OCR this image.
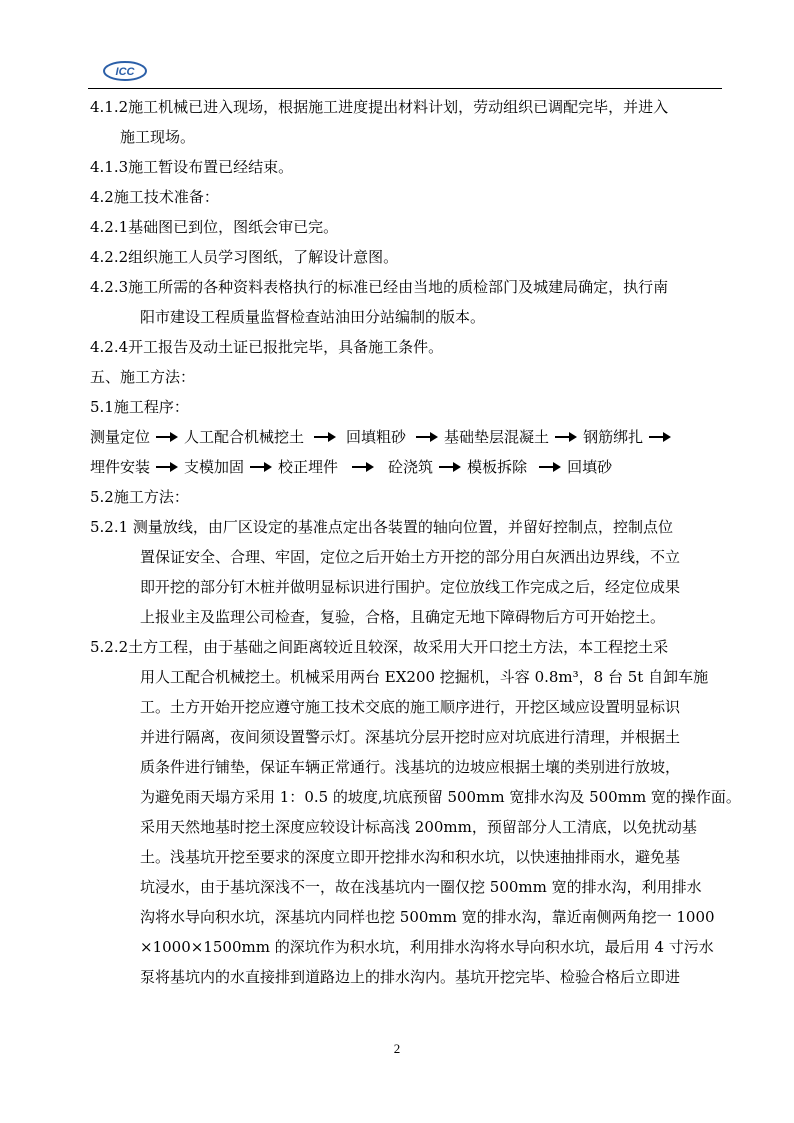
ICC
4.1.2施工机械已进入现场，根据施工进度提出材料计划，劳动组织已调配完毕，并进入
施工现场。
4.1.3施工暂设布置已经结束。
4.2施工技术准备：
4.2.1基础图已到位，图纸会审已完。
4.2.2组织施工人员学习图纸，了解设计意图。
4.2.3施工所需的各种资料表格执行的标准已经由当地的质检部门及城建局确定，执行南
阳市建设工程质量监督检查站油田分站编制的版本。
4.2.4开工报告及动土证已报批完毕，具备施工条件。
五、施工方法：
5.1施工程序：
测量定位 人工配合机械挖土	回填粗砂	基础垫层混凝土 钢筋绑扎
埋件安装 支模加固 校正埋件	砼浇筑 模板拆除	回填砂
5.2施工方法：
5.2.1 测量放线，由厂区设定的基准点定出各装置的轴向位置，并留好控制点，控制点位
置保证安全、合理、牢固，定位之后开始土方开挖的部分用白灰洒出边界线，不立
即开挖的部分钉木桩并做明显标识进行围护。定位放线工作完成之后，经定位成果
上报业主及监理公司检查，复验，合格，且确定无地下障碍物后方可开始挖土。
5.2.2土方工程，由于基础之间距离较近且较深，故采用大开口挖土方法，本工程挖土采
用人工配合机械挖土。机械采用两台 EX200 挖掘机，斗容 0.8m³，8 台 5t 自卸车施
工。土方开始开挖应遵守施工技术交底的施工顺序进行，开挖区域应设置明显标识
并进行隔离，夜间须设置警示灯。深基坑分层开挖时应对坑底进行清理，并根据土
质条件进行铺垫，保证车辆正常通行。浅基坑的边坡应根据土壤的类别进行放坡，
为避免雨天塌方采用 1：0.5 的坡度,坑底预留 500mm 宽排水沟及 500mm 宽的操作面。
采用天然地基时挖土深度应较设计标高浅 200mm，预留部分人工清底，以免扰动基
土。浅基坑开挖至要求的深度立即开挖排水沟和积水坑，以快速抽排雨水，避免基
坑浸水，由于基坑深浅不一，故在浅基坑内一圈仅挖 500mm 宽的排水沟，利用排水
沟将水导向积水坑，深基坑内同样也挖 500mm 宽的排水沟，靠近南侧两角挖一 1000
×1000×1500mm 的深坑作为积水坑，利用排水沟将水导向积水坑，最后用 4 寸污水
泵将基坑内的水直接排到道路边上的排水沟内。基坑开挖完毕、检验合格后立即进
2
